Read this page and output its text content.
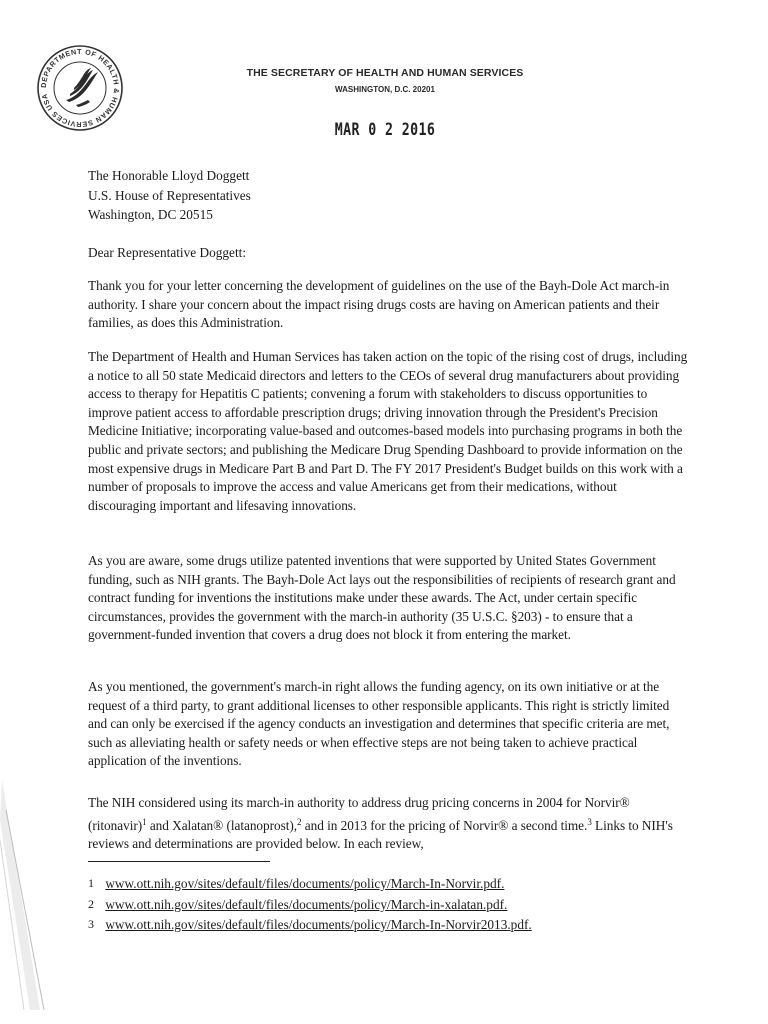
DEPARTMENT OF HEALTH & HUMAN SERVICES USA
THE SECRETARY OF HEALTH AND HUMAN SERVICES
WASHINGTON, D.C. 20201
MAR 0 2 2016
The Honorable Lloyd Doggett
U.S. House of Representatives
Washington, DC 20515
Dear Representative Doggett:

Thank you for your letter concerning the development of guidelines on the use of the Bayh-Dole Act march-in authority. I share your concern about the impact rising drugs costs are having on American patients and their families, as does this Administration.

The Department of Health and Human Services has taken action on the topic of the rising cost of drugs, including a notice to all 50 state Medicaid directors and letters to the CEOs of several drug manufacturers about providing access to therapy for Hepatitis C patients; convening a forum with stakeholders to discuss opportunities to improve patient access to affordable prescription drugs; driving innovation through the President's Precision Medicine Initiative; incorporating value-based and outcomes-based models into purchasing programs in both the public and private sectors; and publishing the Medicare Drug Spending Dashboard to provide information on the most expensive drugs in Medicare Part B and Part D. The FY 2017 President's Budget builds on this work with a number of proposals to improve the access and value Americans get from their medications, without discouraging important and lifesaving innovations.

As you are aware, some drugs utilize patented inventions that were supported by United States Government funding, such as NIH grants. The Bayh-Dole Act lays out the responsibilities of recipients of research grant and contract funding for inventions the institutions make under these awards. The Act, under certain specific circumstances, provides the government with the march-in authority (35 U.S.C. §203) - to ensure that a government-funded invention that covers a drug does not block it from entering the market.

As you mentioned, the government's march-in right allows the funding agency, on its own initiative or at the request of a third party, to grant additional licenses to other responsible applicants. This right is strictly limited and can only be exercised if the agency conducts an investigation and determines that specific criteria are met, such as alleviating health or safety needs or when effective steps are not being taken to achieve practical application of the inventions.

The NIH considered using its march-in authority to address drug pricing concerns in 2004 for Norvir® (ritonavir)$^1$ and Xalatan® (latanoprost),$^2$ and in 2013 for the pricing of Norvir® a second time.$^3$ Links to NIH's reviews and determinations are provided below. In each review,

1 www.ott.nih.gov/sites/default/files/documents/policy/March-In-Norvir.pdf.
2 www.ott.nih.gov/sites/default/files/documents/policy/March-in-xalatan.pdf.
3 www.ott.nih.gov/sites/default/files/documents/policy/March-In-Norvir2013.pdf.
